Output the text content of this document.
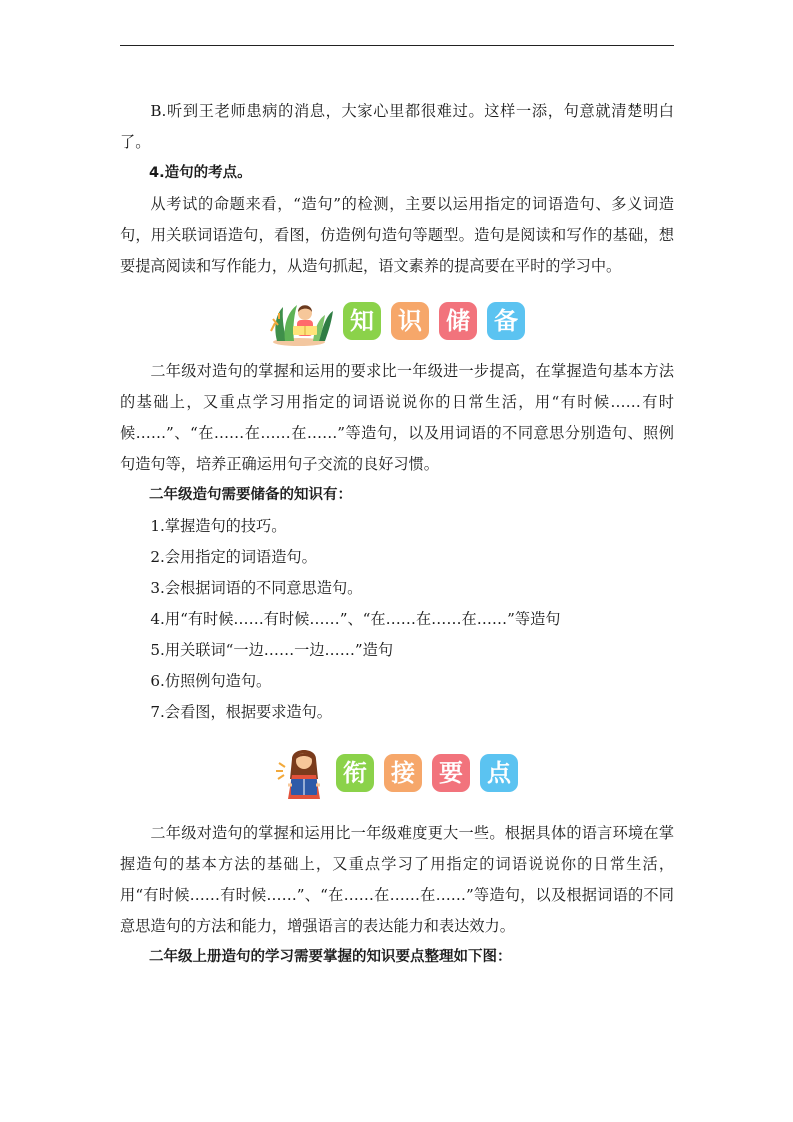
B.听到王老师患病的消息，大家心里都很难过。这样一添，句意就清楚明白了。

4.造句的考点。

从考试的命题来看，“造句”的检测，主要以运用指定的词语造句、多义词造句，用关联词语造句，看图，仿造例句造句等题型。造句是阅读和写作的基础，想要提高阅读和写作能力，从造句抓起，语文素养的提高要在平时的学习中。

知 识 储 备

二年级对造句的掌握和运用的要求比一年级进一步提高，在掌握造句基本方法的基础上，又重点学习用指定的词语说说你的日常生活，用“有时候……有时候……”、“在……在……在……”等造句，以及用词语的不同意思分别造句、照例句造句等，培养正确运用句子交流的良好习惯。

二年级造句需要储备的知识有：

1.掌握造句的技巧。

2.会用指定的词语造句。

3.会根据词语的不同意思造句。

4.用“有时候……有时候……”、“在……在……在……”等造句

5.用关联词“一边……一边……”造句

6.仿照例句造句。

7.会看图，根据要求造句。

衔 接 要 点

二年级对造句的掌握和运用比一年级难度更大一些。根据具体的语言环境在掌握造句的基本方法的基础上，又重点学习了用指定的词语说说你的日常生活，用“有时候……有时候……”、“在……在……在……”等造句，以及根据词语的不同意思造句的方法和能力，增强语言的表达能力和表达效力。

二年级上册造句的学习需要掌握的知识要点整理如下图：
